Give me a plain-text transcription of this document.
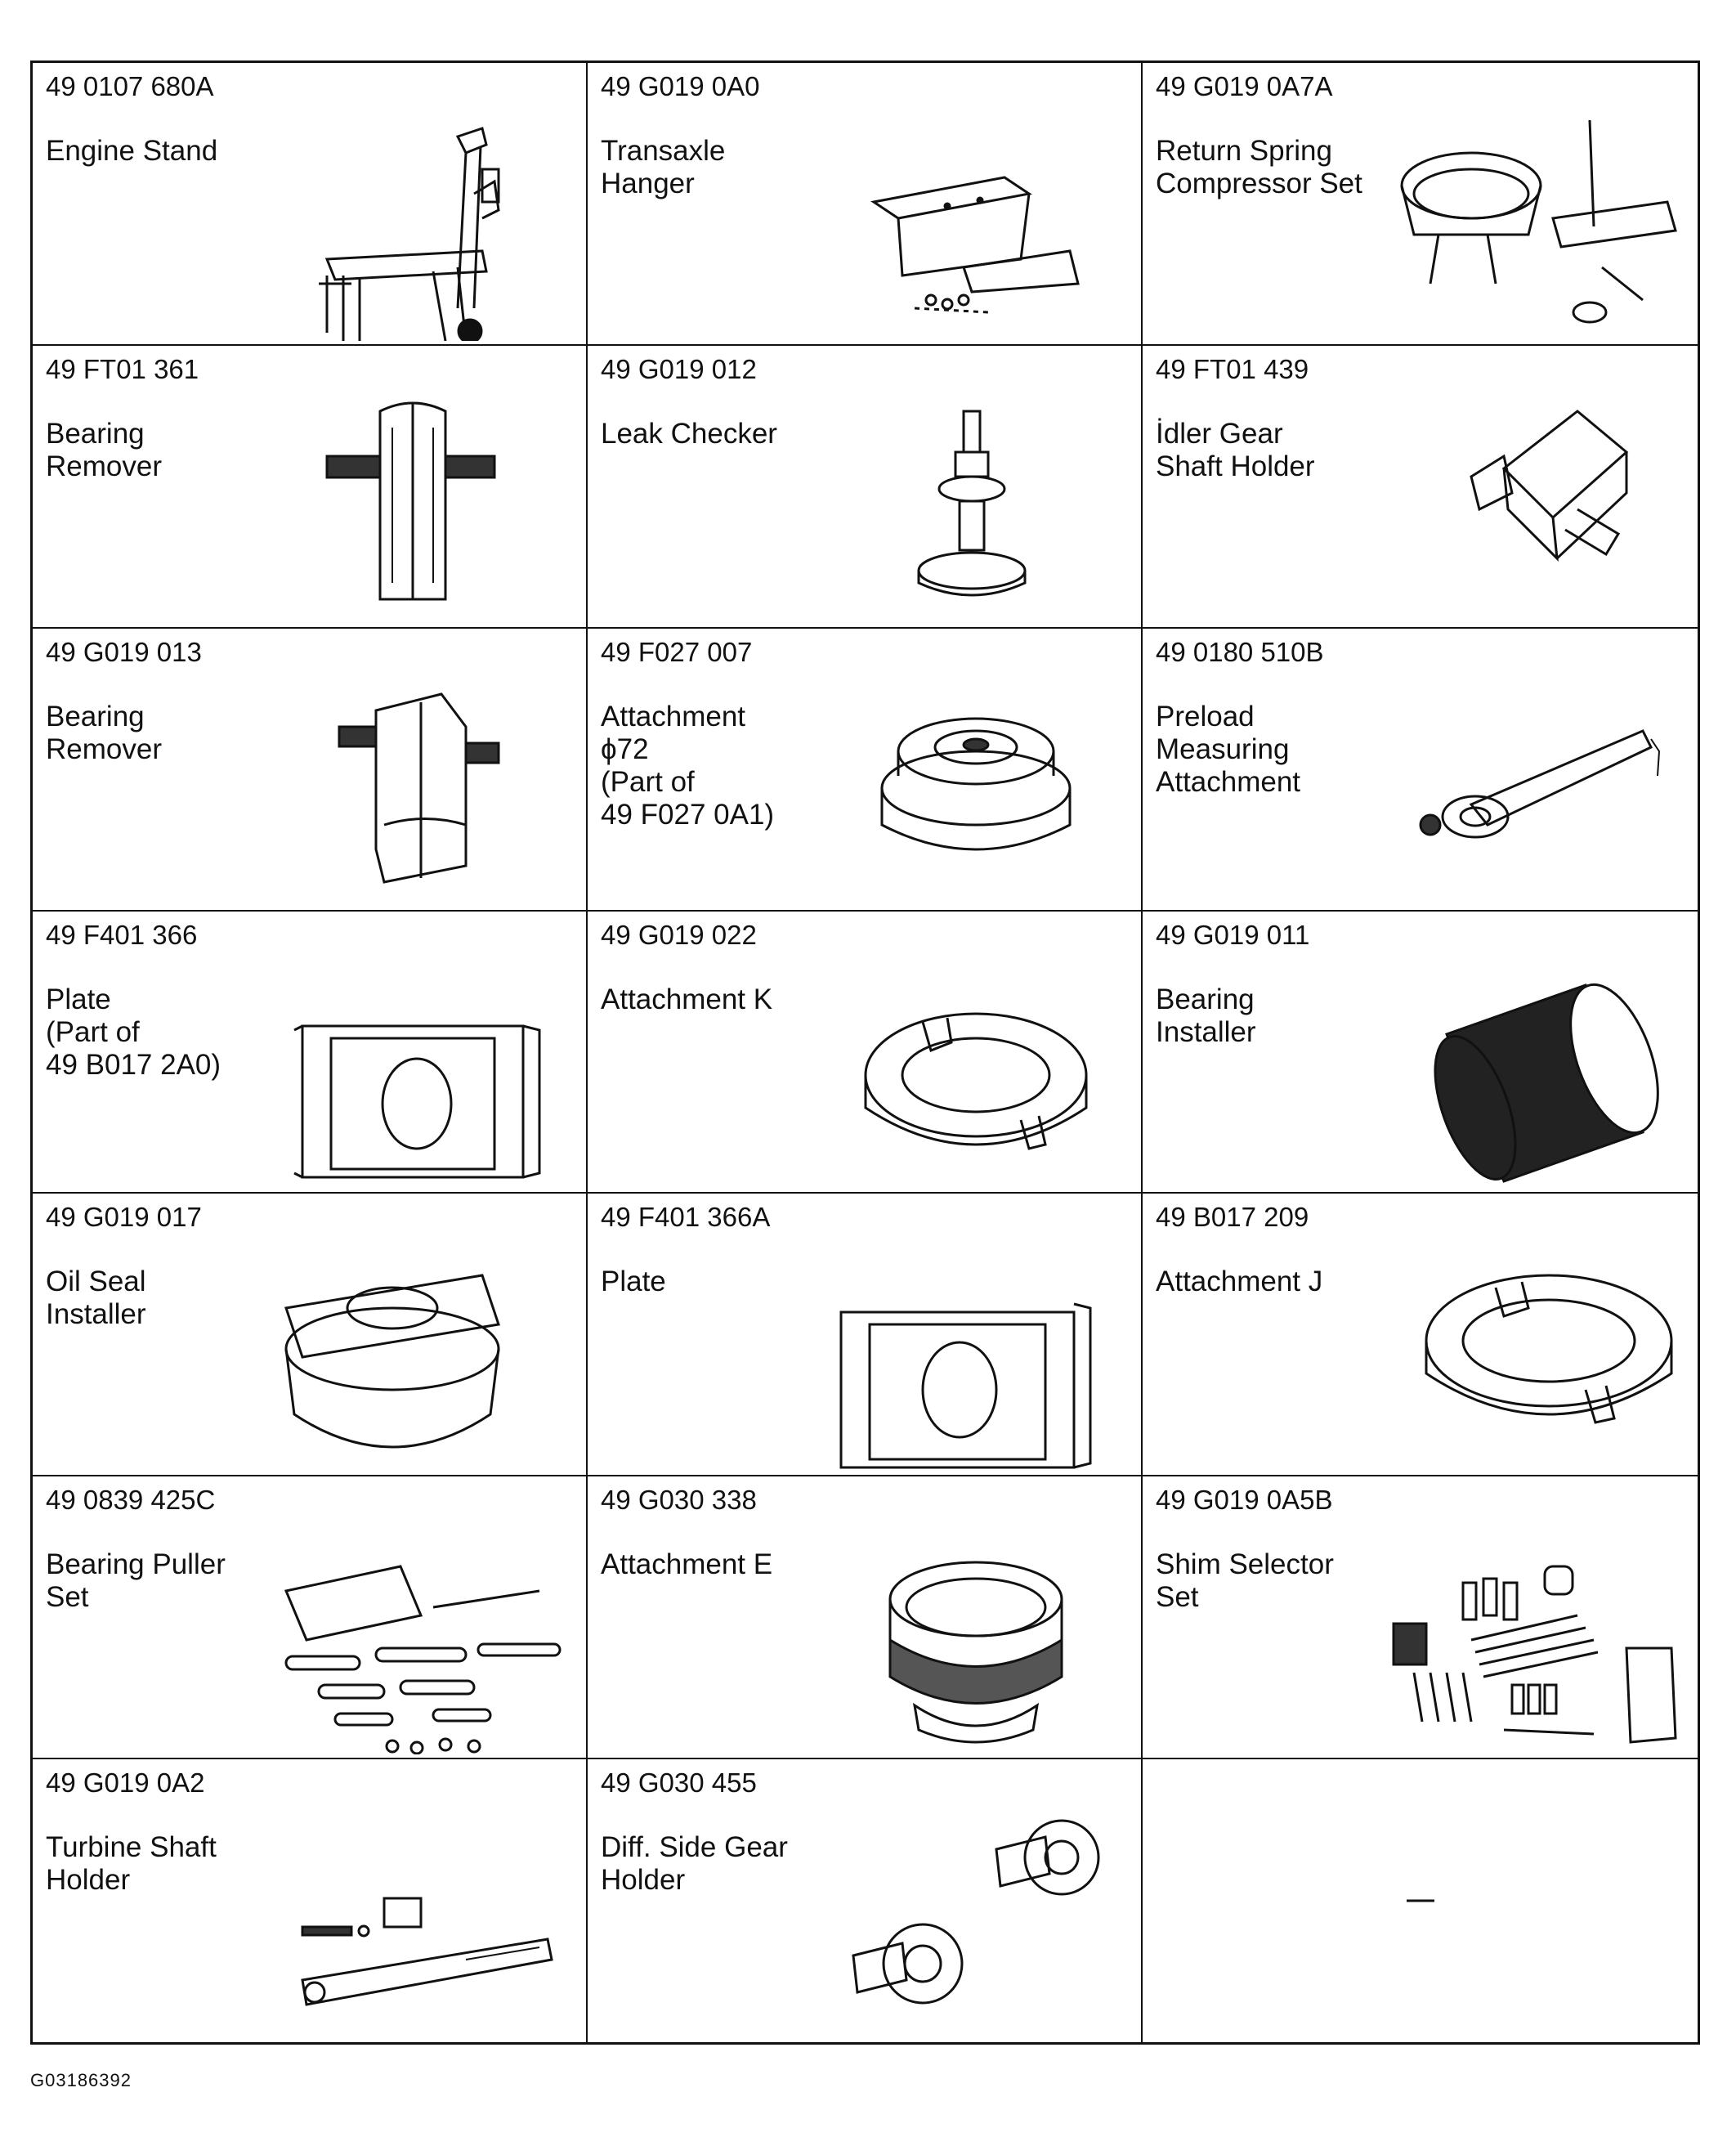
49 0107 680A
Engine Stand
49 G019 0A0
Transaxle
Hanger
49 G019 0A7A
Return Spring
Compressor Set
49 FT01 361
Bearing
Remover
49 G019 012
Leak Checker
49 FT01 439
İdler Gear
Shaft Holder
49 G019 013
Bearing
Remover
49 F027 007
Attachment
ϕ72
(Part of
49 F027 0A1)
49 0180 510B
Preload
Measuring
Attachment
49 F401 366
Plate
(Part of
49 B017 2A0)
49 G019 022
Attachment K
49 G019 011
Bearing
Installer
49 G019 017
Oil Seal
Installer
49 F401 366A
Plate
49 B017 209
Attachment J
49 0839 425C
Bearing Puller
Set
49 G030 338
Attachment E
49 G019 0A5B
Shim Selector
Set
49 G019 0A2
Turbine Shaft
Holder
49 G030 455
Diff. Side Gear
Holder
G03186392
